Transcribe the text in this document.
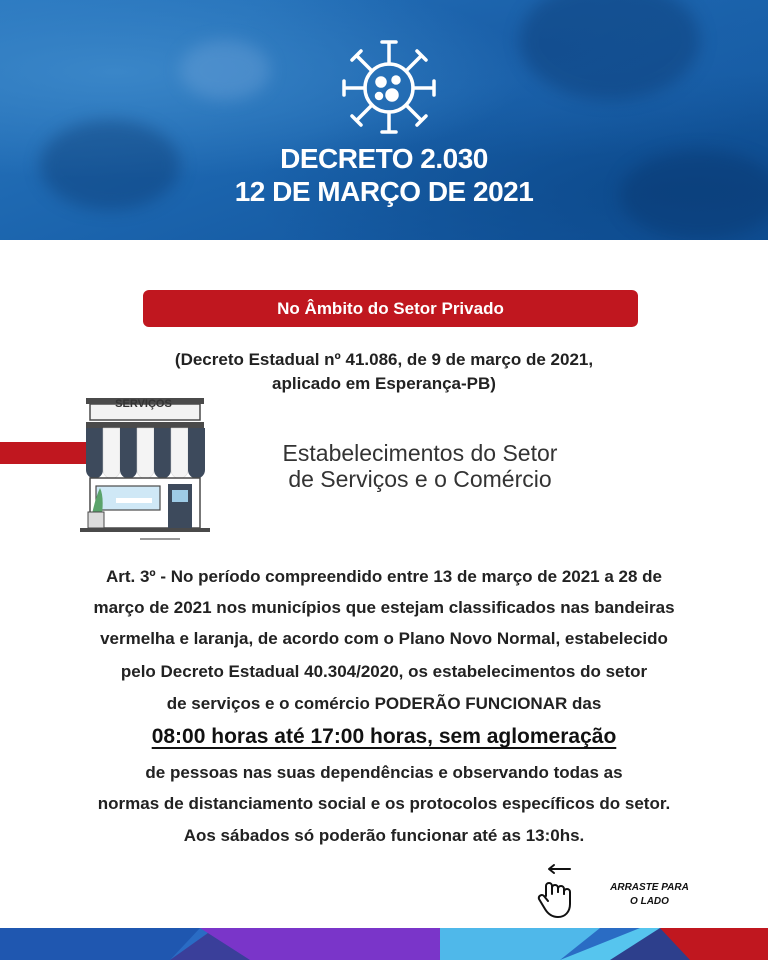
DECRETO 2.030
12 DE MARÇO DE 2021
No Âmbito do Setor Privado
(Decreto Estadual nº 41.086, de 9 de março de 2021,
aplicado em Esperança-PB)
SERVIÇOS
Estabelecimentos do Setor
de Serviços e o Comércio
Art. 3º - No período compreendido entre 13 de março de 2021 a 28 de
março de 2021 nos municípios que estejam classificados nas bandeiras
vermelha e laranja, de acordo com o Plano Novo Normal, estabelecido
pelo Decreto Estadual 40.304/2020, os estabelecimentos do setor
de serviços e o comércio PODERÃO FUNCIONAR das
08:00 horas até 17:00 horas, sem aglomeração
de pessoas nas suas dependências e observando todas as
normas de distanciamento social e os protocolos específicos do setor.
Aos sábados só poderão funcionar até as 13:0hs.
ARRASTE PARA
O LADO
